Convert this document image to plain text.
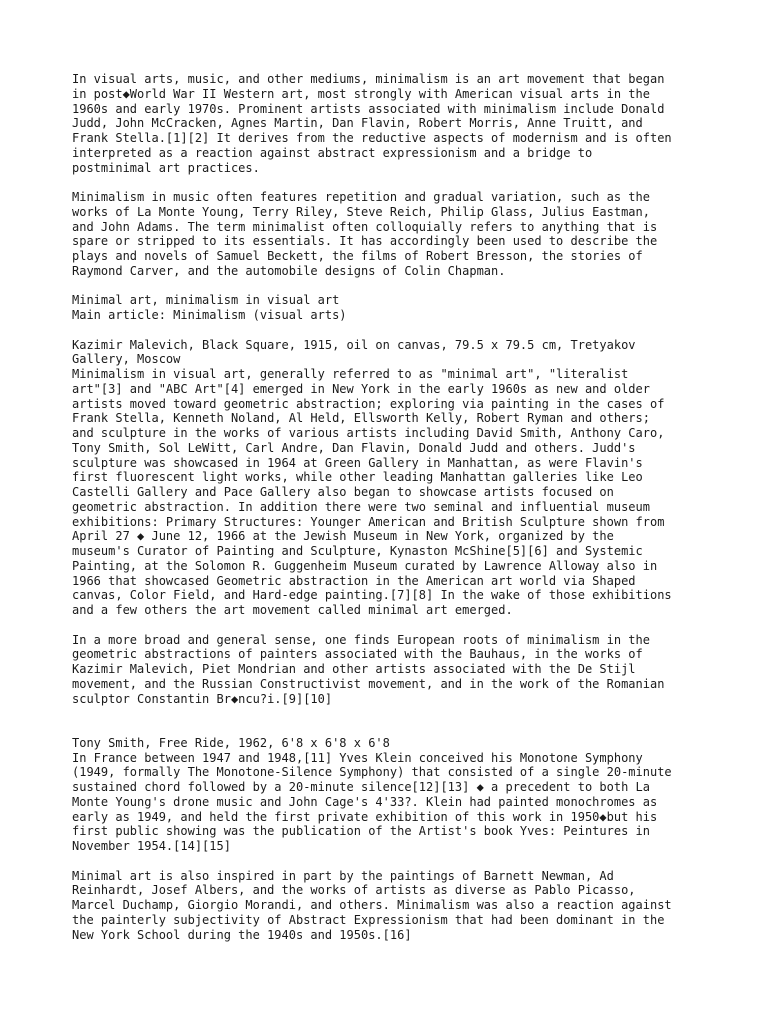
In visual arts, music, and other mediums, minimalism is an art movement that began
in post◆World War II Western art, most strongly with American visual arts in the
1960s and early 1970s. Prominent artists associated with minimalism include Donald
Judd, John McCracken, Agnes Martin, Dan Flavin, Robert Morris, Anne Truitt, and
Frank Stella.[1][2] It derives from the reductive aspects of modernism and is often
interpreted as a reaction against abstract expressionism and a bridge to
postminimal art practices.

Minimalism in music often features repetition and gradual variation, such as the
works of La Monte Young, Terry Riley, Steve Reich, Philip Glass, Julius Eastman,
and John Adams. The term minimalist often colloquially refers to anything that is
spare or stripped to its essentials. It has accordingly been used to describe the
plays and novels of Samuel Beckett, the films of Robert Bresson, the stories of
Raymond Carver, and the automobile designs of Colin Chapman.

Minimal art, minimalism in visual art
Main article: Minimalism (visual arts)

Kazimir Malevich, Black Square, 1915, oil on canvas, 79.5 x 79.5 cm, Tretyakov
Gallery, Moscow
Minimalism in visual art, generally referred to as "minimal art", "literalist
art"[3] and "ABC Art"[4] emerged in New York in the early 1960s as new and older
artists moved toward geometric abstraction; exploring via painting in the cases of
Frank Stella, Kenneth Noland, Al Held, Ellsworth Kelly, Robert Ryman and others;
and sculpture in the works of various artists including David Smith, Anthony Caro,
Tony Smith, Sol LeWitt, Carl Andre, Dan Flavin, Donald Judd and others. Judd's
sculpture was showcased in 1964 at Green Gallery in Manhattan, as were Flavin's
first fluorescent light works, while other leading Manhattan galleries like Leo
Castelli Gallery and Pace Gallery also began to showcase artists focused on
geometric abstraction. In addition there were two seminal and influential museum
exhibitions: Primary Structures: Younger American and British Sculpture shown from
April 27 ◆ June 12, 1966 at the Jewish Museum in New York, organized by the
museum's Curator of Painting and Sculpture, Kynaston McShine[5][6] and Systemic
Painting, at the Solomon R. Guggenheim Museum curated by Lawrence Alloway also in
1966 that showcased Geometric abstraction in the American art world via Shaped
canvas, Color Field, and Hard-edge painting.[7][8] In the wake of those exhibitions
and a few others the art movement called minimal art emerged.

In a more broad and general sense, one finds European roots of minimalism in the
geometric abstractions of painters associated with the Bauhaus, in the works of
Kazimir Malevich, Piet Mondrian and other artists associated with the De Stijl
movement, and the Russian Constructivist movement, and in the work of the Romanian
sculptor Constantin Br◆ncu?i.[9][10]

Tony Smith, Free Ride, 1962, 6'8 x 6'8 x 6'8
In France between 1947 and 1948,[11] Yves Klein conceived his Monotone Symphony
(1949, formally The Monotone-Silence Symphony) that consisted of a single 20-minute
sustained chord followed by a 20-minute silence[12][13] ◆ a precedent to both La
Monte Young's drone music and John Cage's 4'33?. Klein had painted monochromes as
early as 1949, and held the first private exhibition of this work in 1950◆but his
first public showing was the publication of the Artist's book Yves: Peintures in
November 1954.[14][15]

Minimal art is also inspired in part by the paintings of Barnett Newman, Ad
Reinhardt, Josef Albers, and the works of artists as diverse as Pablo Picasso,
Marcel Duchamp, Giorgio Morandi, and others. Minimalism was also a reaction against
the painterly subjectivity of Abstract Expressionism that had been dominant in the
New York School during the 1940s and 1950s.[16]
